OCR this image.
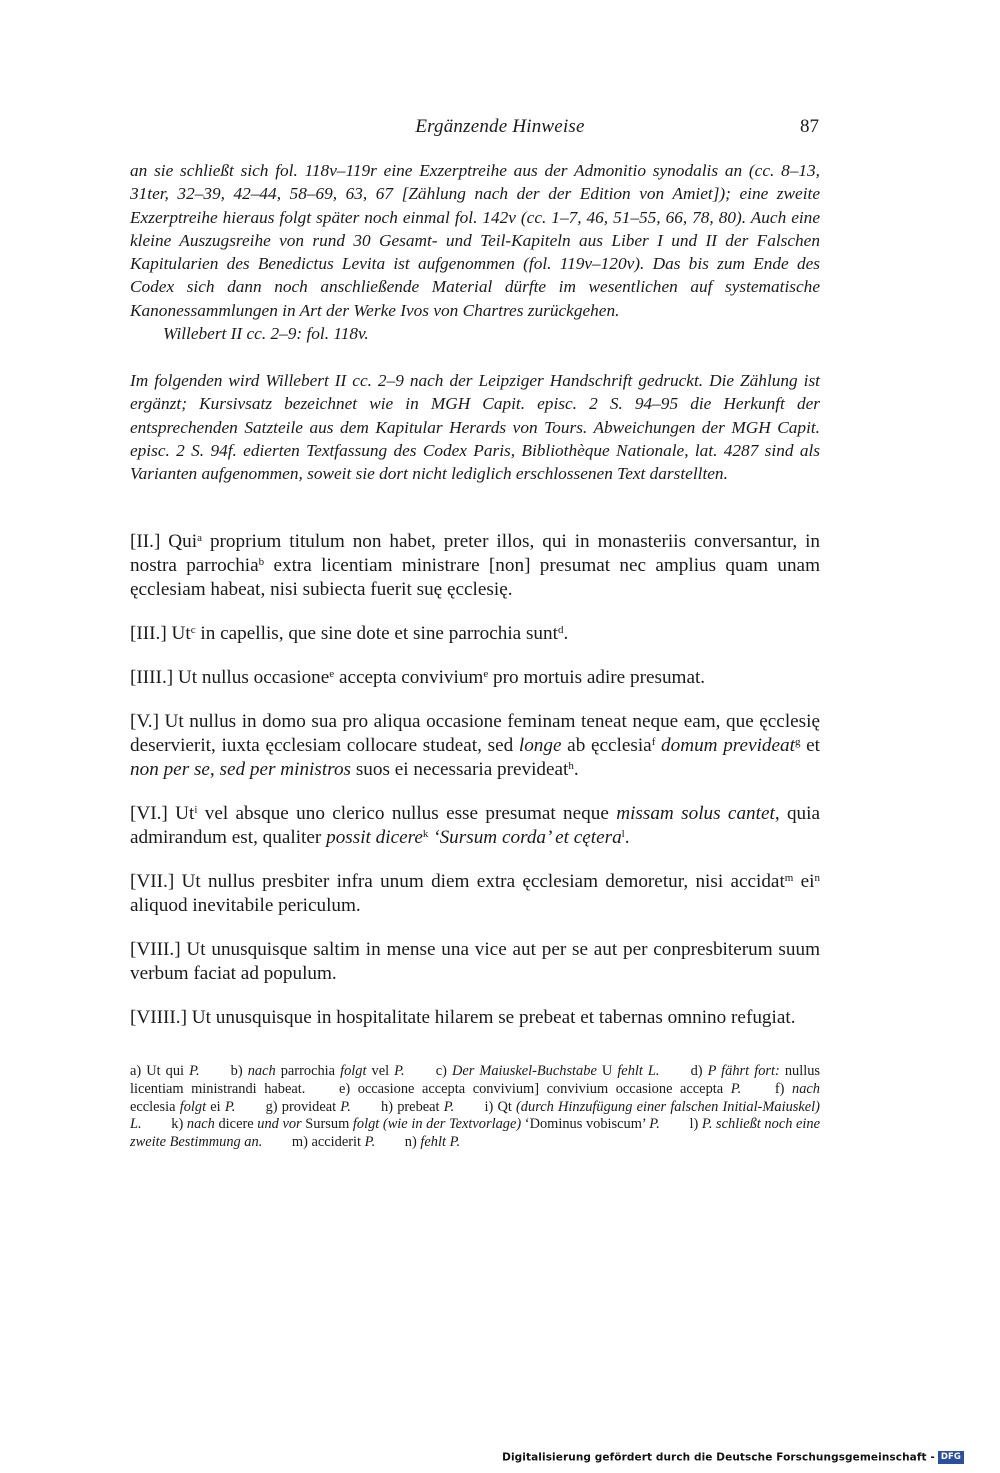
Ergänzende Hinweise	87

an sie schließt sich fol. 118v–119r eine Exzerptreihe aus der Admonitio synodalis an (cc. 8–13, 31ter, 32–39, 42–44, 58–69, 63, 67 [Zählung nach der der Edition von Amiet]); eine zweite Exzerptreihe hieraus folgt später noch einmal fol. 142v (cc. 1–7, 46, 51–55, 66, 78, 80). Auch eine kleine Auszugsreihe von rund 30 Gesamt- und Teil-Kapiteln aus Liber I und II der Falschen Kapitularien des Benedictus Levita ist aufgenommen (fol. 119v–120v). Das bis zum Ende des Codex sich dann noch anschließende Material dürfte im wesentlichen auf systematische Kanonessammlungen in Art der Werke Ivos von Chartres zurückgehen.

Willebert II cc. 2–9: fol. 118v.

Im folgenden wird Willebert II cc. 2–9 nach der Leipziger Handschrift gedruckt. Die Zählung ist ergänzt; Kursivsatz bezeichnet wie in MGH Capit. episc. 2 S. 94–95 die Herkunft der entsprechenden Satzteile aus dem Kapitular Herards von Tours. Abweichungen der MGH Capit. episc. 2 S. 94f. edierten Textfassung des Codex Paris, Bibliothèque Nationale, lat. 4287 sind als Varianten aufgenommen, soweit sie dort nicht lediglich erschlossenen Text darstellten.

[II.] Qui$^a$ proprium titulum non habet, preter illos, qui in monasteriis conversantur, in nostra parrochia$^b$ extra licentiam ministrare [non] presumat nec amplius quam unam ęcclesiam habeat, nisi subiecta fuerit suę ęcclesię.

[III.] Ut$^c$ in capellis, que sine dote et sine parrochia sunt$^d$.

[IIII.] Ut nullus occasione$^e$ accepta convivium$^e$ pro mortuis adire presumat.

[V.] Ut nullus in domo sua pro aliqua occasione feminam teneat neque eam, que ęcclesię deservierit, iuxta ęcclesiam collocare studeat, sed longe ab ęcclesia$^f$ domum prevideat$^g$ et non per se, sed per ministros suos ei necessaria prevideat$^h$.

[VI.] Ut$^i$ vel absque uno clerico nullus esse presumat neque missam solus cantet, quia admirandum est, qualiter possit dicere$^k$ ‘Sursum corda’ et cętera$^l$.

[VII.] Ut nullus presbiter infra unum diem extra ęcclesiam demoretur, nisi accidat$^m$ $ei^n$ aliquod inevitabile periculum.

[VIII.] Ut unusquisque saltim in mense una vice aut per se aut per conpresbiterum suum verbum faciat ad populum.

[VIIII.] Ut unusquisque in hospitalitate hilarem se prebeat et tabernas omnino refugiat.

a) Ut qui P. b) nach parrochia folgt vel P. c) Der Maiuskel-Buchstabe U fehlt L. d) P fährt fort: nullus licentiam ministrandi habeat. e) occasione accepta convivium] convivium occasione accepta P. f) nach ecclesia folgt ei P. g) provideat P. h) prebeat P. i) Qt (durch Hinzufügung einer falschen Initial-Maiuskel) L. k) nach dicere und vor Sursum folgt (wie in der Textvorlage) ‘Dominus vobiscum’ P. l) P. schließt noch eine zweite Bestimmung an. m) acciderit P. n) fehlt P.
Digitalisierung gefördert durch die Deutsche Forschungsgemeinschaft - DFG
